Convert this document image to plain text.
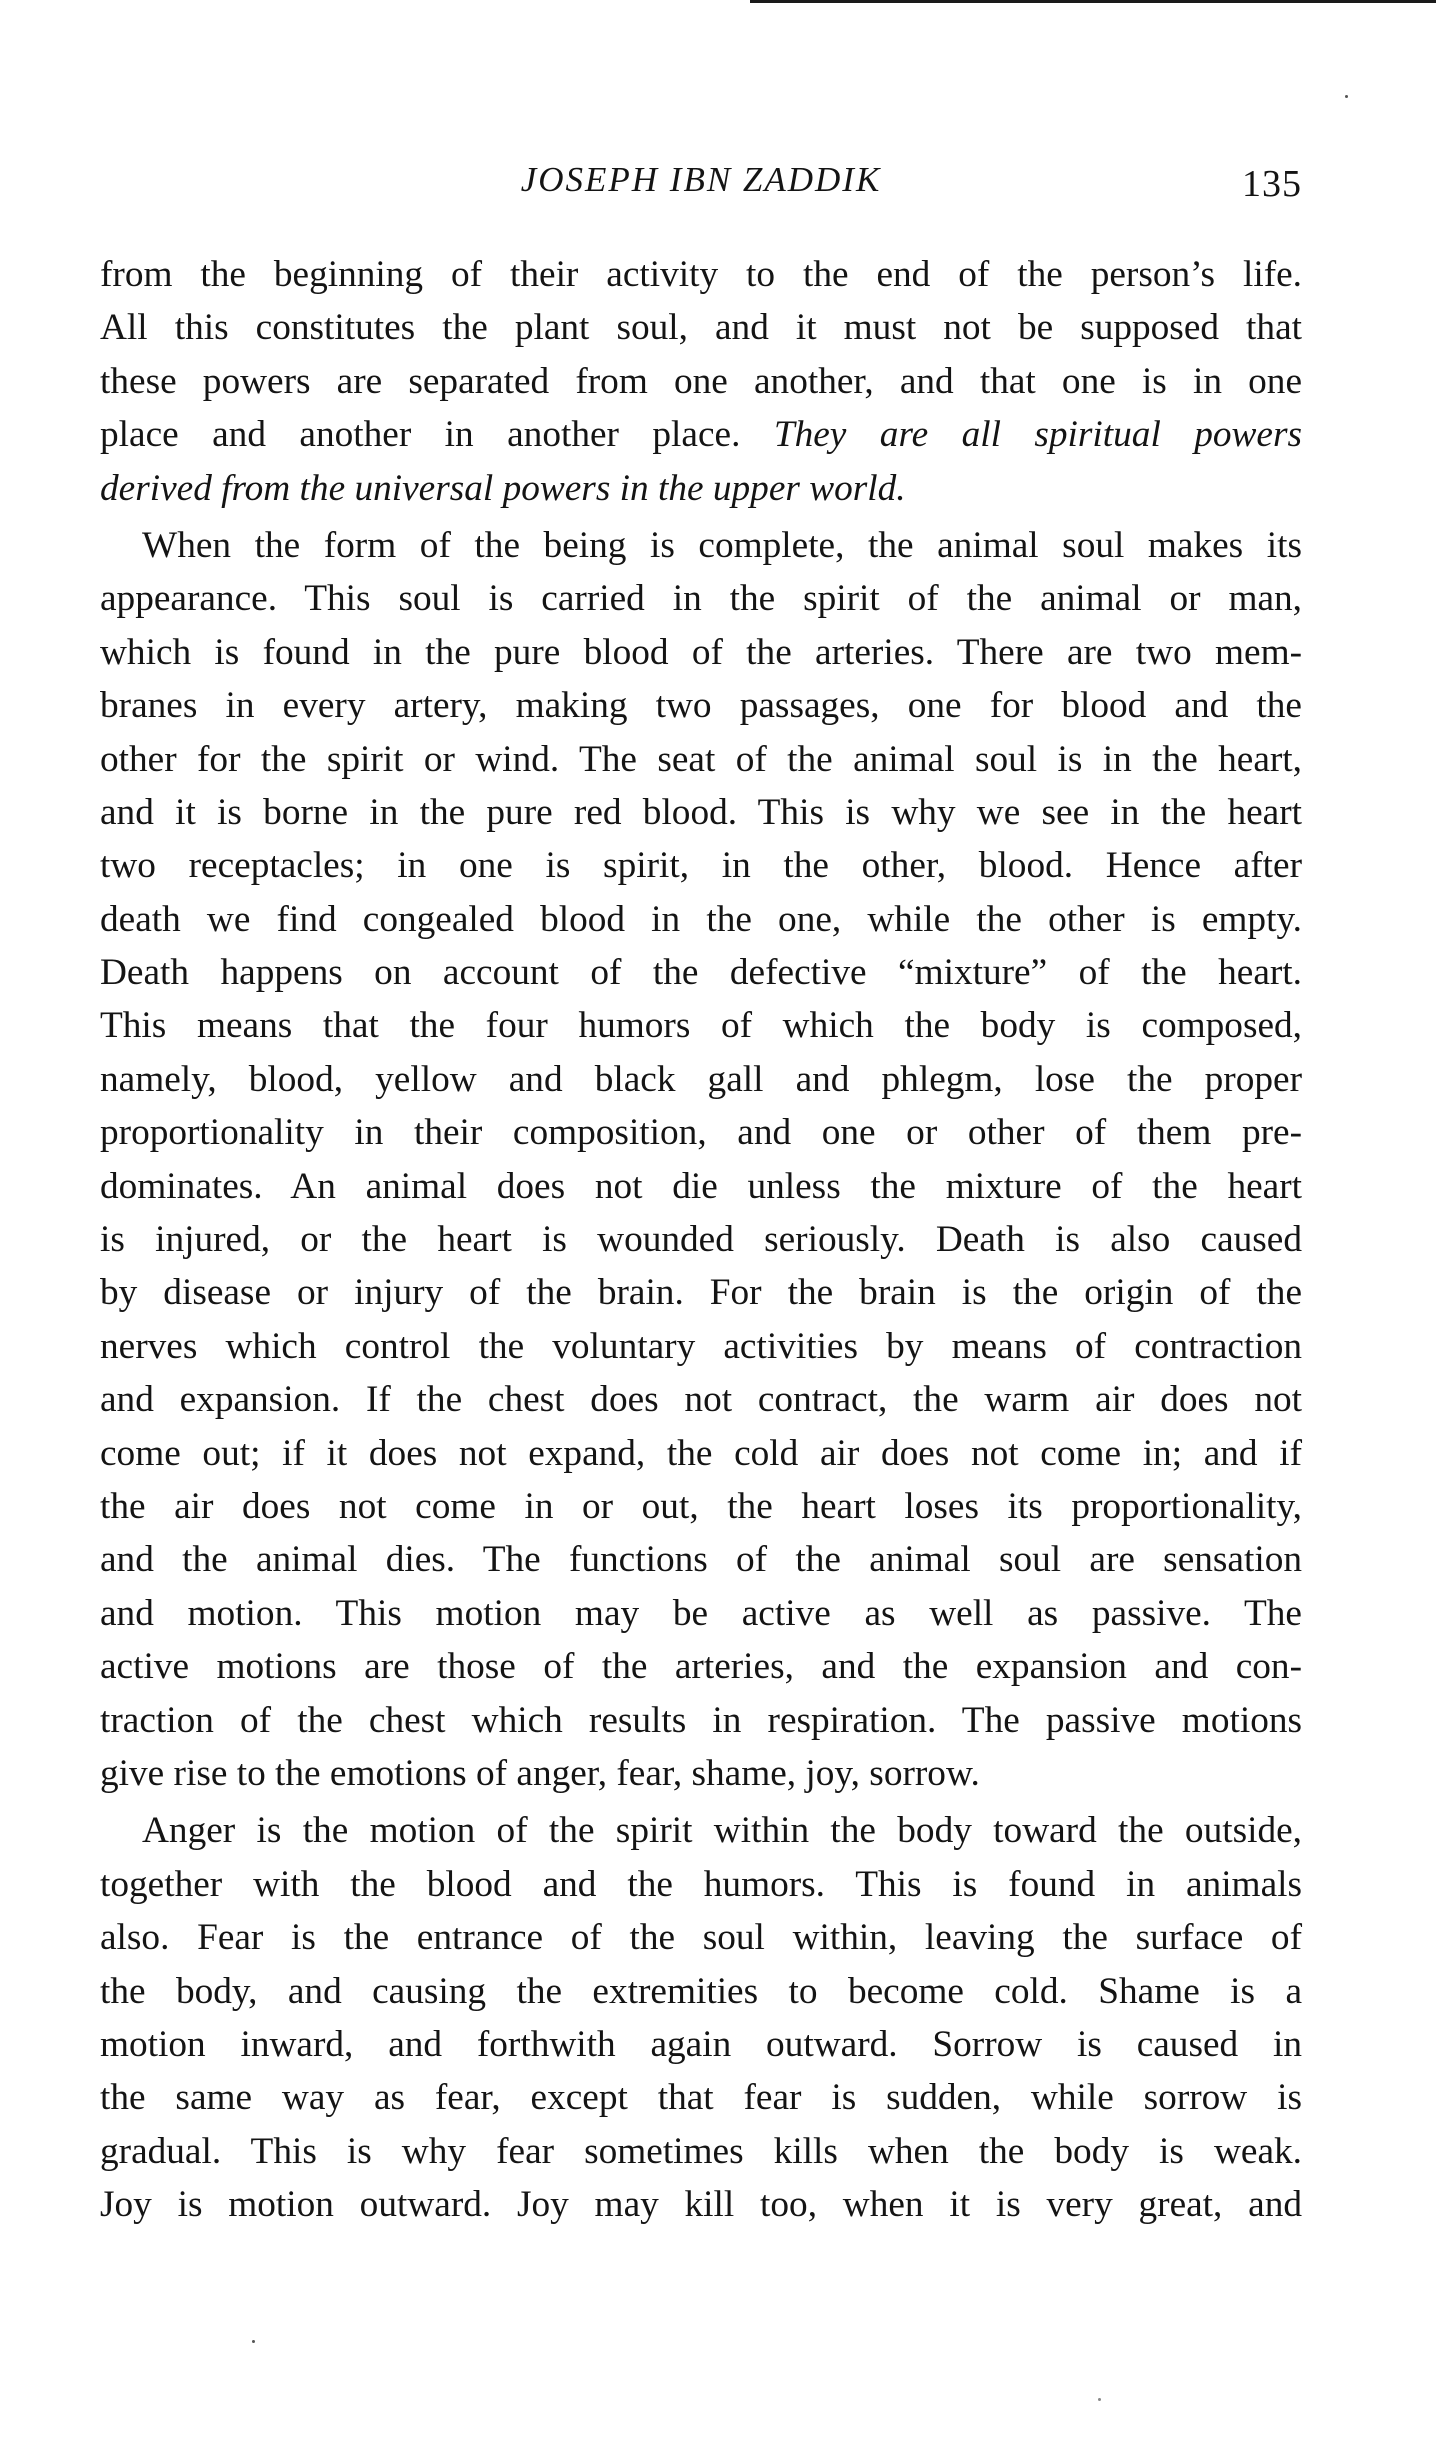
JOSEPH IBN ZADDIK	135
from the beginning of their activity to the end of the person’s life.
All this constitutes the plant soul, and it must not be supposed that
these powers are separated from one another, and that one is in one
place and another in another place. They are all spiritual powers
derived from the universal powers in the upper world.
When the form of the being is complete, the animal soul makes its
appearance. This soul is carried in the spirit of the animal or man,
which is found in the pure blood of the arteries. There are two mem-
branes in every artery, making two passages, one for blood and the
other for the spirit or wind. The seat of the animal soul is in the heart,
and it is borne in the pure red blood. This is why we see in the heart
two receptacles; in one is spirit, in the other, blood. Hence after
death we find congealed blood in the one, while the other is empty.
Death happens on account of the defective “mixture” of the heart.
This means that the four humors of which the body is composed,
namely, blood, yellow and black gall and phlegm, lose the proper
proportionality in their composition, and one or other of them pre-
dominates. An animal does not die unless the mixture of the heart
is injured, or the heart is wounded seriously. Death is also caused
by disease or injury of the brain. For the brain is the origin of the
nerves which control the voluntary activities by means of contraction
and expansion. If the chest does not contract, the warm air does not
come out; if it does not expand, the cold air does not come in; and if
the air does not come in or out, the heart loses its proportionality,
and the animal dies. The functions of the animal soul are sensation
and motion. This motion may be active as well as passive. The
active motions are those of the arteries, and the expansion and con-
traction of the chest which results in respiration. The passive motions
give rise to the emotions of anger, fear, shame, joy, sorrow.
Anger is the motion of the spirit within the body toward the outside,
together with the blood and the humors. This is found in animals
also. Fear is the entrance of the soul within, leaving the surface of
the body, and causing the extremities to become cold. Shame is a
motion inward, and forthwith again outward. Sorrow is caused in
the same way as fear, except that fear is sudden, while sorrow is
gradual. This is why fear sometimes kills when the body is weak.
Joy is motion outward. Joy may kill too, when it is very great, and
